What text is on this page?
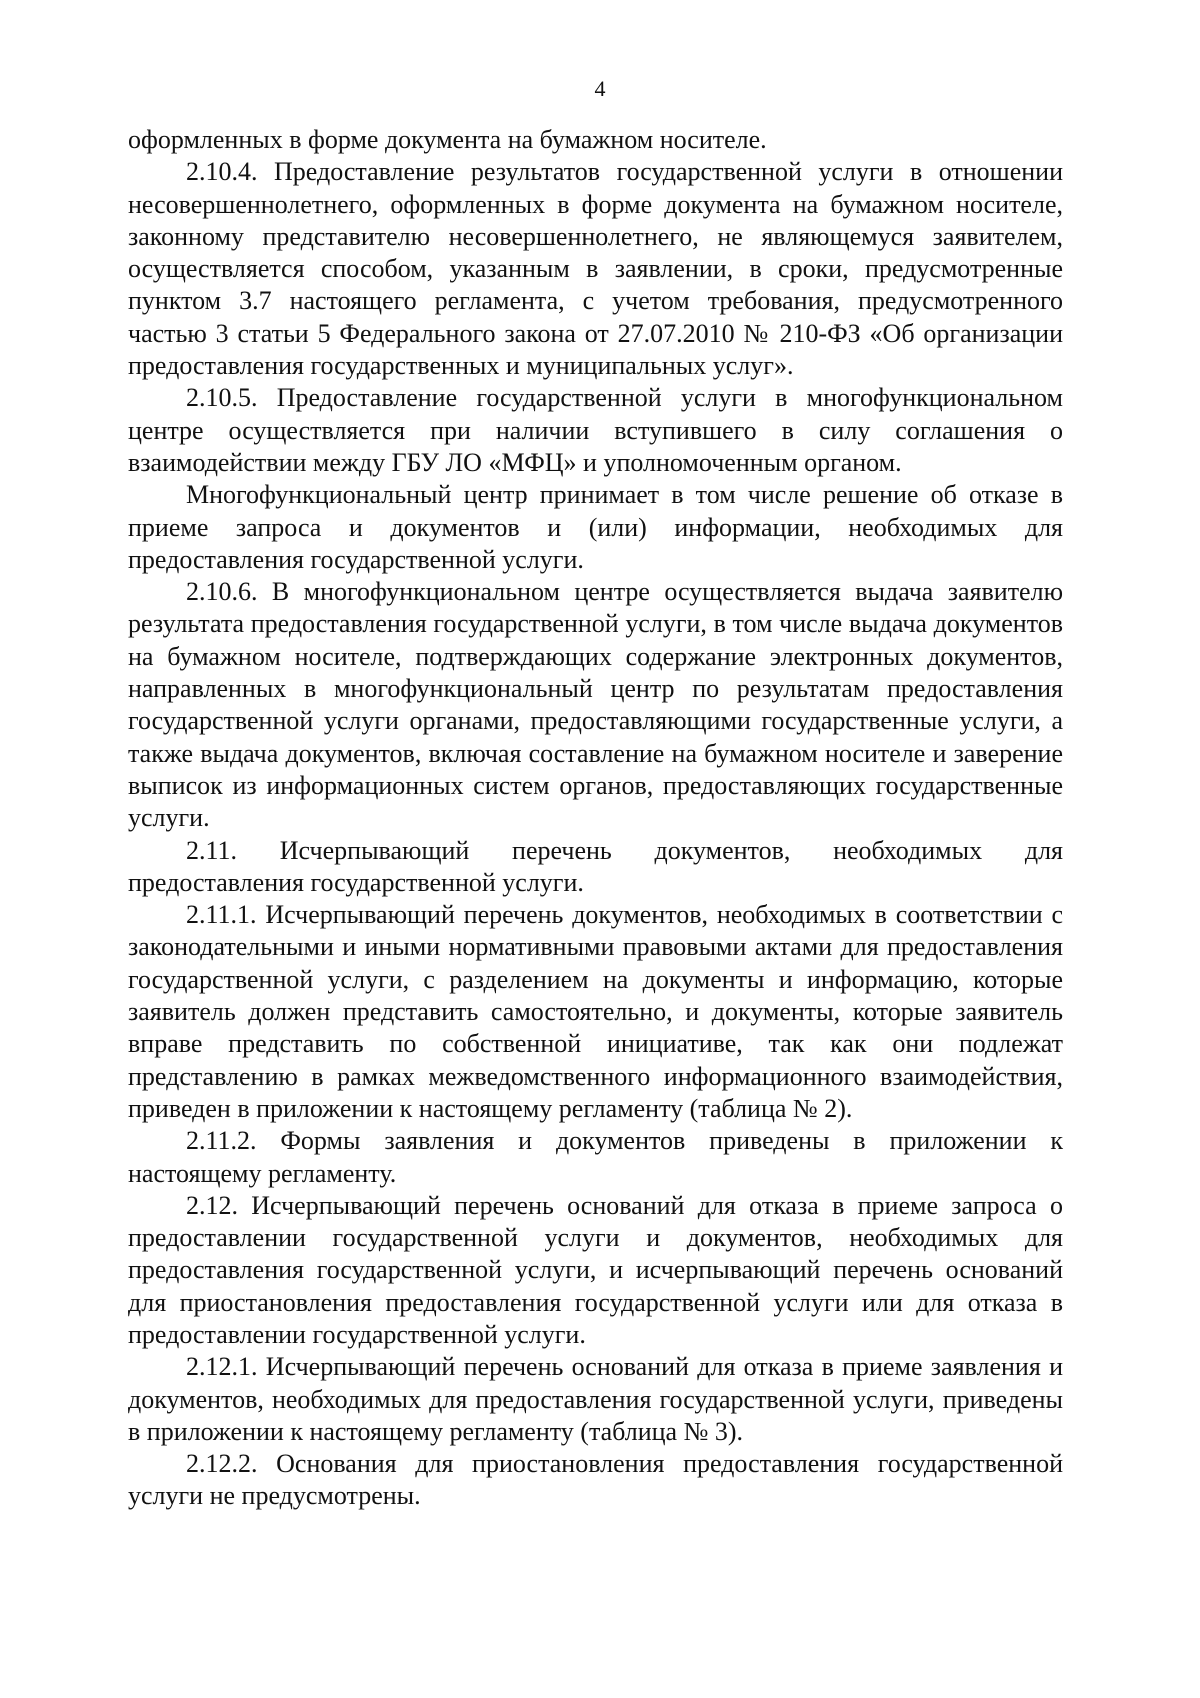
4

оформленных в форме документа на бумажном носителе.

2.10.4. Предоставление результатов государственной услуги в отношении несовершеннолетнего, оформленных в форме документа на бумажном носителе, законному представителю несовершеннолетнего, не являющемуся заявителем, осуществляется способом, указанным в заявлении, в сроки, предусмотренные пунктом 3.7 настоящего регламента, с учетом требования, предусмотренного частью 3 статьи 5 Федерального закона от 27.07.2010 № 210-ФЗ «Об организации предоставления государственных и муниципальных услуг».

2.10.5. Предоставление государственной услуги в многофункциональном центре осуществляется при наличии вступившего в силу соглашения о взаимодействии между ГБУ ЛО «МФЦ» и уполномоченным органом.

Многофункциональный центр принимает в том числе решение об отказе в приеме запроса и документов и (или) информации, необходимых для предоставления государственной услуги.

2.10.6. В многофункциональном центре осуществляется выдача заявителю результата предоставления государственной услуги, в том числе выдача документов на бумажном носителе, подтверждающих содержание электронных документов, направленных в многофункциональный центр по результатам предоставления государственной услуги органами, предоставляющими государственные услуги, а также выдача документов, включая составление на бумажном носителе и заверение выписок из информационных систем органов, предоставляющих государственные услуги.

2.11. Исчерпывающий перечень документов, необходимых для предоставления государственной услуги.

2.11.1. Исчерпывающий перечень документов, необходимых в соответствии с законодательными и иными нормативными правовыми актами для предоставления государственной услуги, с разделением на документы и информацию, которые заявитель должен представить самостоятельно, и документы, которые заявитель вправе представить по собственной инициативе, так как они подлежат представлению в рамках межведомственного информационного взаимодействия, приведен в приложении к настоящему регламенту (таблица № 2).

2.11.2. Формы заявления и документов приведены в приложении к настоящему регламенту.

2.12. Исчерпывающий перечень оснований для отказа в приеме запроса о предоставлении государственной услуги и документов, необходимых для предоставления государственной услуги, и исчерпывающий перечень оснований для приостановления предоставления государственной услуги или для отказа в предоставлении государственной услуги.

2.12.1. Исчерпывающий перечень оснований для отказа в приеме заявления и документов, необходимых для предоставления государственной услуги, приведены в приложении к настоящему регламенту (таблица № 3).

2.12.2. Основания для приостановления предоставления государственной услуги не предусмотрены.
